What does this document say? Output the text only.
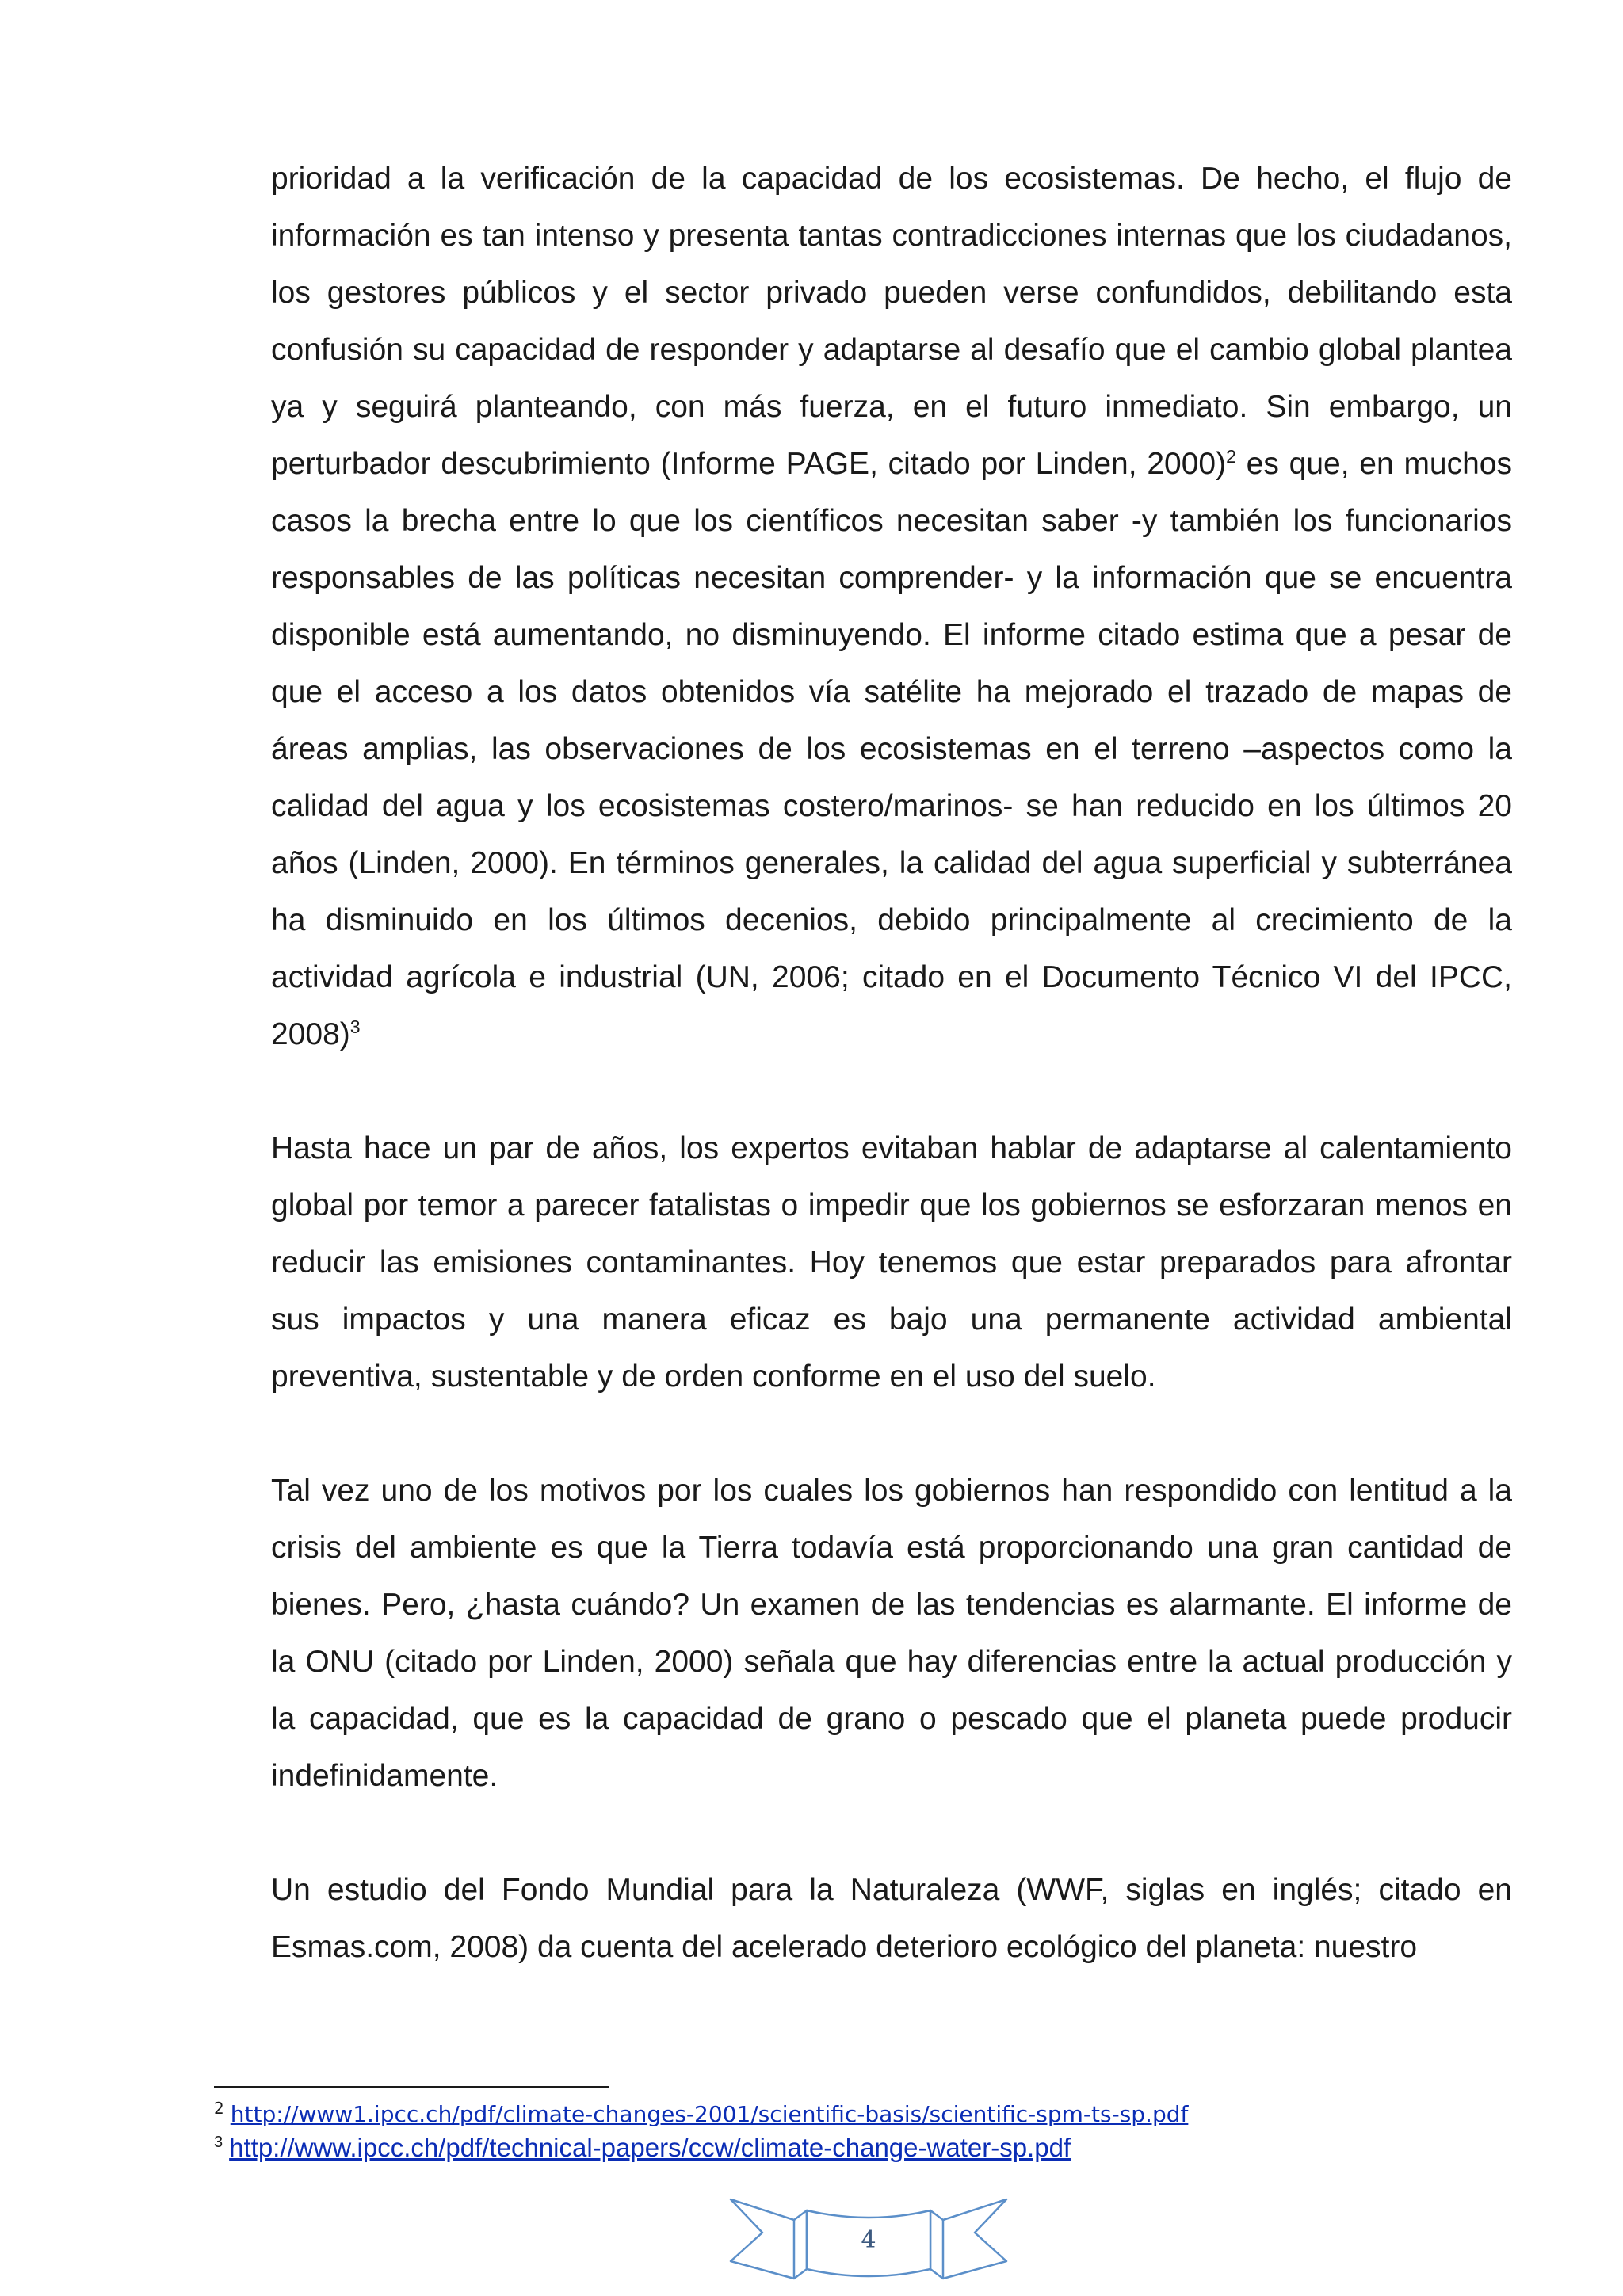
prioridad a la verificación de la capacidad de los ecosistemas. De hecho, el flujo de información es tan intenso y presenta tantas contradicciones internas que los ciudadanos, los gestores públicos y el sector privado pueden verse confundidos, debilitando esta confusión su capacidad de responder y adaptarse al desafío que el cambio global plantea ya y seguirá planteando, con más fuerza, en el futuro inmediato. Sin embargo, un perturbador descubrimiento (Informe PAGE, citado por Linden, 2000)$^2$ es que, en muchos casos la brecha entre lo que los científicos necesitan saber -y también los funcionarios responsables de las políticas necesitan comprender- y la información que se encuentra disponible está aumentando, no disminuyendo. El informe citado estima que a pesar de que el acceso a los datos obtenidos vía satélite ha mejorado el trazado de mapas de áreas amplias, las observaciones de los ecosistemas en el terreno –aspectos como la calidad del agua y los ecosistemas costero/marinos- se han reducido en los últimos 20 años (Linden, 2000). En términos generales, la calidad del agua superficial y subterránea ha disminuido en los últimos decenios, debido principalmente al crecimiento de la actividad agrícola e industrial (UN, 2006; citado en el Documento Técnico VI del IPCC, 2008)$^3$

Hasta hace un par de años, los expertos evitaban hablar de adaptarse al calentamiento global por temor a parecer fatalistas o impedir que los gobiernos se esforzaran menos en reducir las emisiones contaminantes. Hoy tenemos que estar preparados para afrontar sus impactos y una manera eficaz es bajo una permanente actividad ambiental preventiva, sustentable y de orden conforme en el uso del suelo.

Tal vez uno de los motivos por los cuales los gobiernos han respondido con lentitud a la crisis del ambiente es que la Tierra todavía está proporcionando una gran cantidad de bienes. Pero, ¿hasta cuándo? Un examen de las tendencias es alarmante. El informe de la ONU (citado por Linden, 2000) señala que hay diferencias entre la actual producción y la capacidad, que es la capacidad de grano o pescado que el planeta puede producir indefinidamente.

Un estudio del Fondo Mundial para la Naturaleza (WWF, siglas en inglés; citado en Esmas.com, 2008) da cuenta del acelerado deterioro ecológico del planeta: nuestro

$^2$ http://www1.ipcc.ch/pdf/climate-changes-2001/scientific-basis/scientific-spm-ts-sp.pdf
$^3$ http://www.ipcc.ch/pdf/technical-papers/ccw/climate-change-water-sp.pdf
4
